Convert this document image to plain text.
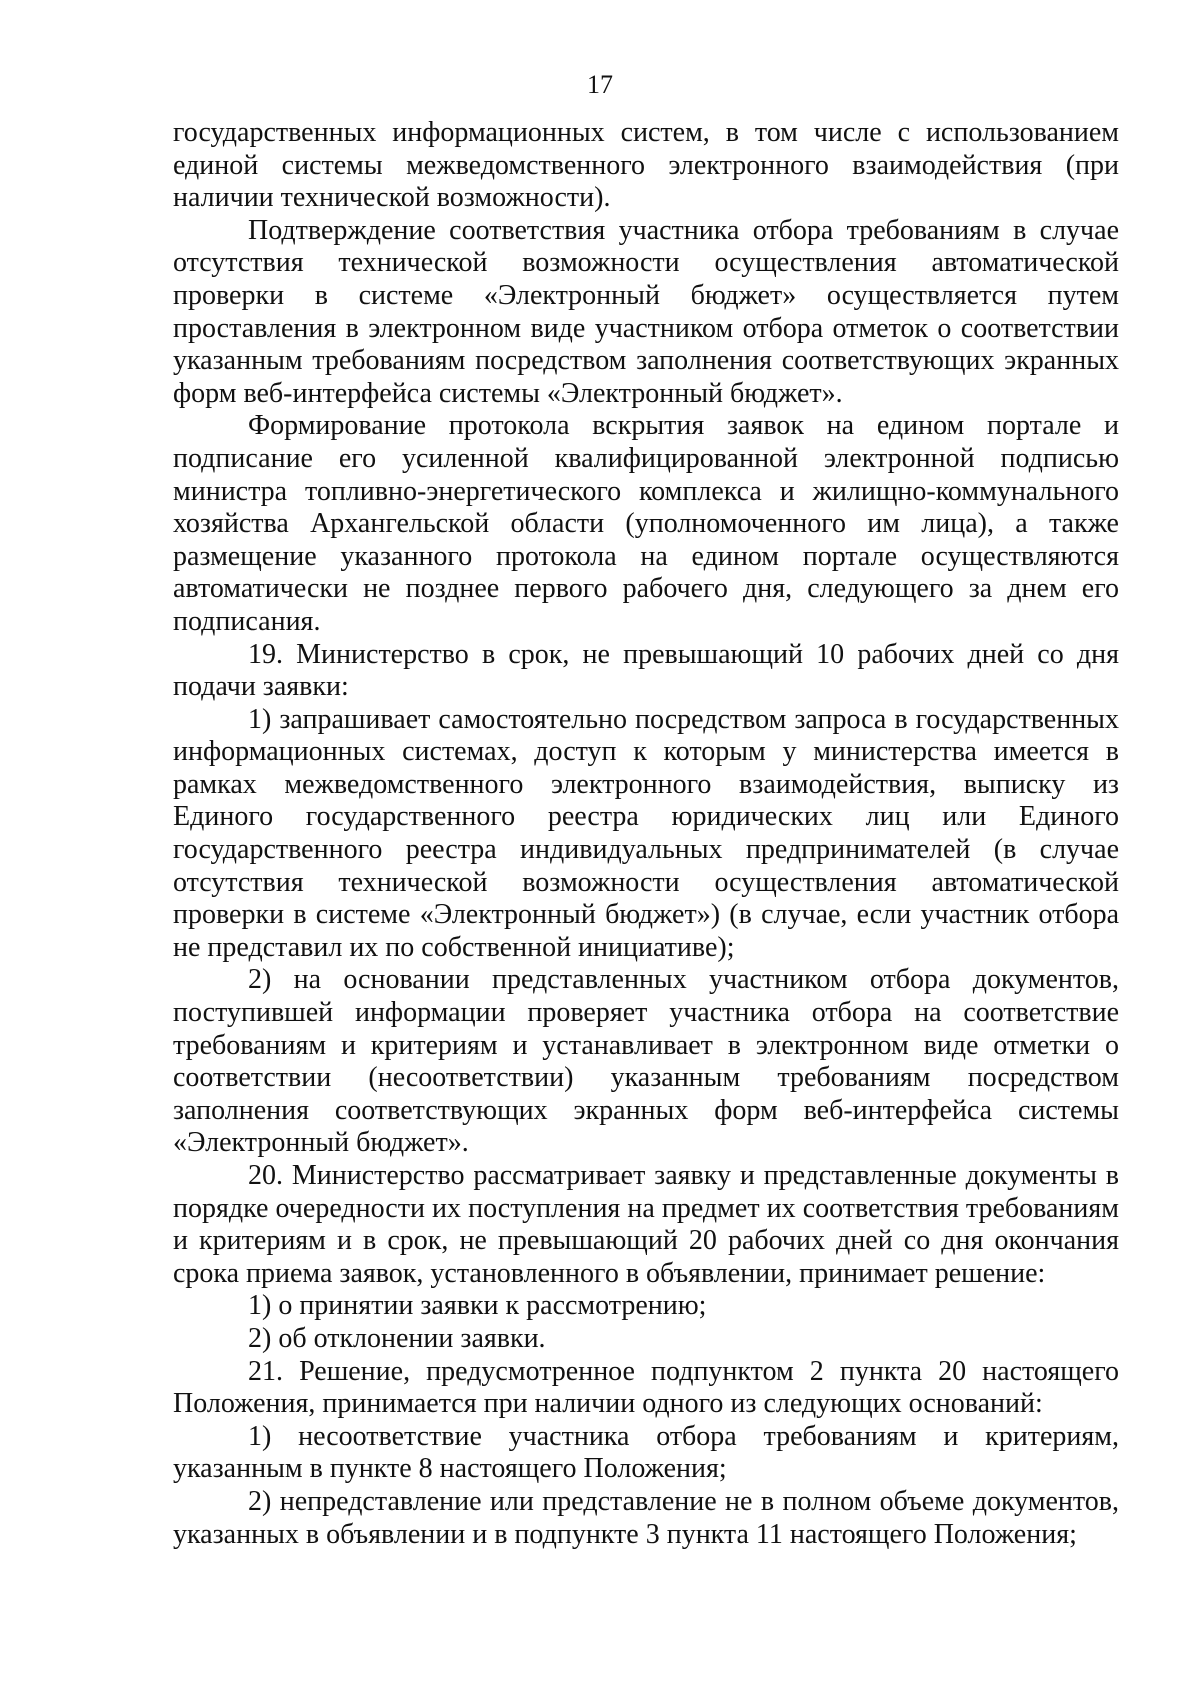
17

государственных информационных систем, в том числе с использованием единой системы межведомственного электронного взаимодействия (при наличии технической возможности).

Подтверждение соответствия участника отбора требованиям в случае отсутствия технической возможности осуществления автоматической проверки в системе «Электронный бюджет» осуществляется путем проставления в электронном виде участником отбора отметок о соответствии указанным требованиям посредством заполнения соответствующих экранных форм веб-интерфейса системы «Электронный бюджет».

Формирование протокола вскрытия заявок на едином портале и подписание его усиленной квалифицированной электронной подписью министра топливно-энергетического комплекса и жилищно-коммунального хозяйства Архангельской области (уполномоченного им лица), а также размещение указанного протокола на едином портале осуществляются автоматически не позднее первого рабочего дня, следующего за днем его подписания.

19. Министерство в срок, не превышающий 10 рабочих дней со дня подачи заявки:

1) запрашивает самостоятельно посредством запроса в государственных информационных системах, доступ к которым у министерства имеется в рамках межведомственного электронного взаимодействия, выписку из Единого государственного реестра юридических лиц или Единого государственного реестра индивидуальных предпринимателей (в случае отсутствия технической возможности осуществления автоматической проверки в системе «Электронный бюджет») (в случае, если участник отбора не представил их по собственной инициативе);

2) на основании представленных участником отбора документов, поступившей информации проверяет участника отбора на соответствие требованиям и критериям и устанавливает в электронном виде отметки о соответствии (несоответствии) указанным требованиям посредством заполнения соответствующих экранных форм веб-интерфейса системы «Электронный бюджет».

20. Министерство рассматривает заявку и представленные документы в порядке очередности их поступления на предмет их соответствия требованиям и критериям и в срок, не превышающий 20 рабочих дней со дня окончания срока приема заявок, установленного в объявлении, принимает решение:

1) о принятии заявки к рассмотрению;

2) об отклонении заявки.

21. Решение, предусмотренное подпунктом 2 пункта 20 настоящего Положения, принимается при наличии одного из следующих оснований:

1) несоответствие участника отбора требованиям и критериям, указанным в пункте 8 настоящего Положения;

2) непредставление или представление не в полном объеме документов, указанных в объявлении и в подпункте 3 пункта 11 настоящего Положения;
